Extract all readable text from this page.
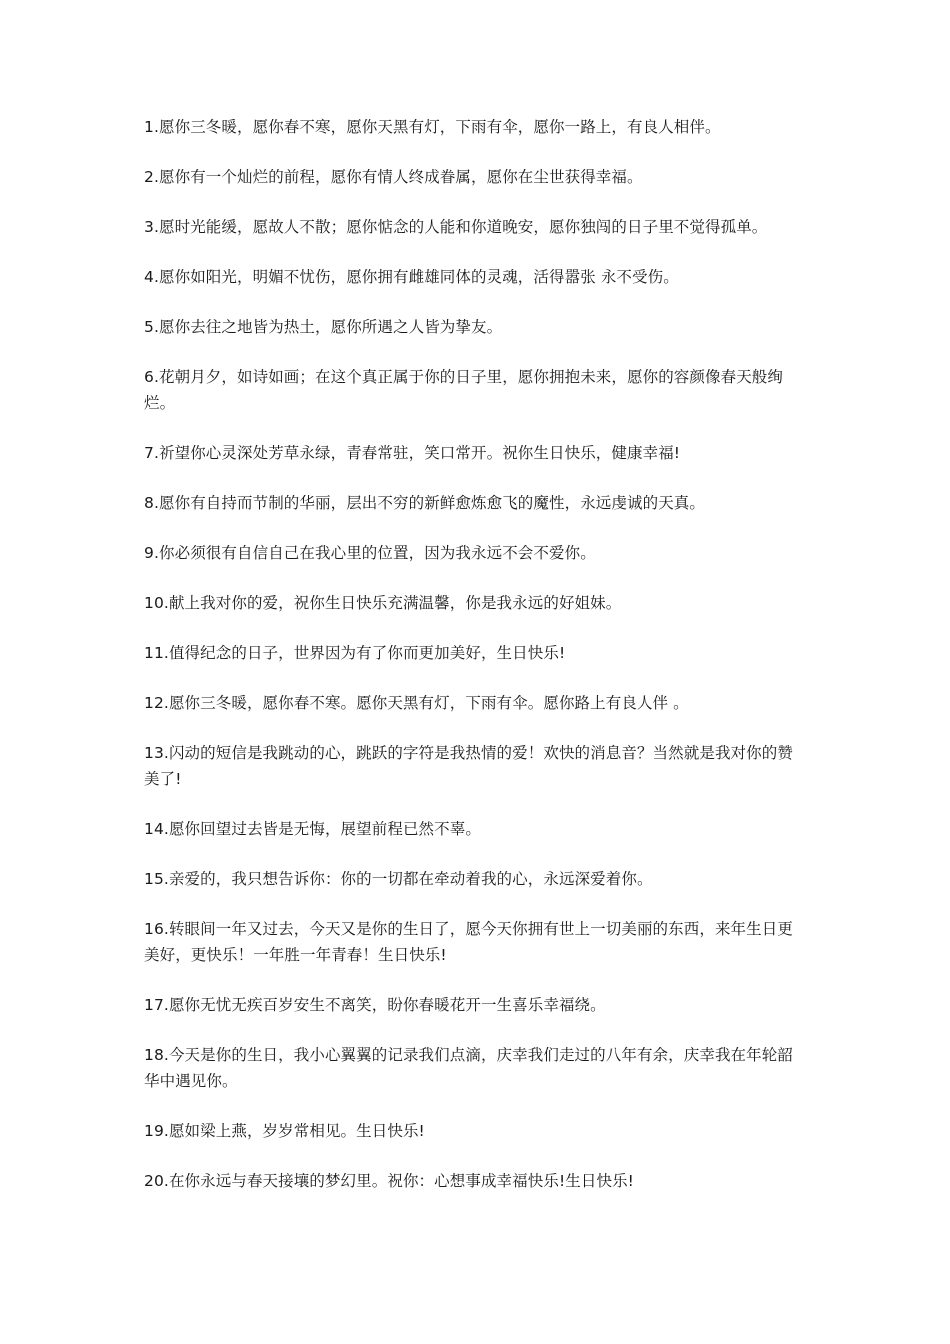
1.愿你三冬暖，愿你春不寒，愿你天黑有灯，下雨有伞，愿你一路上，有良人相伴。

2.愿你有一个灿烂的前程，愿你有情人终成眷属，愿你在尘世获得幸福。

3.愿时光能缓，愿故人不散；愿你惦念的人能和你道晚安，愿你独闯的日子里不觉得孤单。

4.愿你如阳光，明媚不忧伤，愿你拥有雌雄同体的灵魂，活得嚣张 永不受伤。

5.愿你去往之地皆为热土，愿你所遇之人皆为挚友。

6.花朝月夕，如诗如画；在这个真正属于你的日子里，愿你拥抱未来，愿你的容颜像春天般绚烂。

7.祈望你心灵深处芳草永绿，青春常驻，笑口常开。祝你生日快乐，健康幸福!

8.愿你有自持而节制的华丽，层出不穷的新鲜愈炼愈飞的魔性，永远虔诚的天真。

9.你必须很有自信自己在我心里的位置，因为我永远不会不爱你。

10.献上我对你的爱，祝你生日快乐充满温馨，你是我永远的好姐妹。

11.值得纪念的日子，世界因为有了你而更加美好，生日快乐!

12.愿你三冬暖，愿你春不寒。愿你天黑有灯，下雨有伞。愿你路上有良人伴 。

13.闪动的短信是我跳动的心，跳跃的字符是我热情的爱！欢快的消息音？当然就是我对你的赞美了!

14.愿你回望过去皆是无悔，展望前程已然不辜。

15.亲爱的，我只想告诉你：你的一切都在牵动着我的心，永远深爱着你。

16.转眼间一年又过去，今天又是你的生日了，愿今天你拥有世上一切美丽的东西，来年生日更美好，更快乐！一年胜一年青春！生日快乐!

17.愿你无忧无疾百岁安生不离笑，盼你春暖花开一生喜乐幸福绕。

18.今天是你的生日，我小心翼翼的记录我们点滴，庆幸我们走过的八年有余，庆幸我在年轮韶华中遇见你。

19.愿如梁上燕，岁岁常相见。生日快乐!

20.在你永远与春天接壤的梦幻里。祝你：心想事成幸福快乐!生日快乐!
